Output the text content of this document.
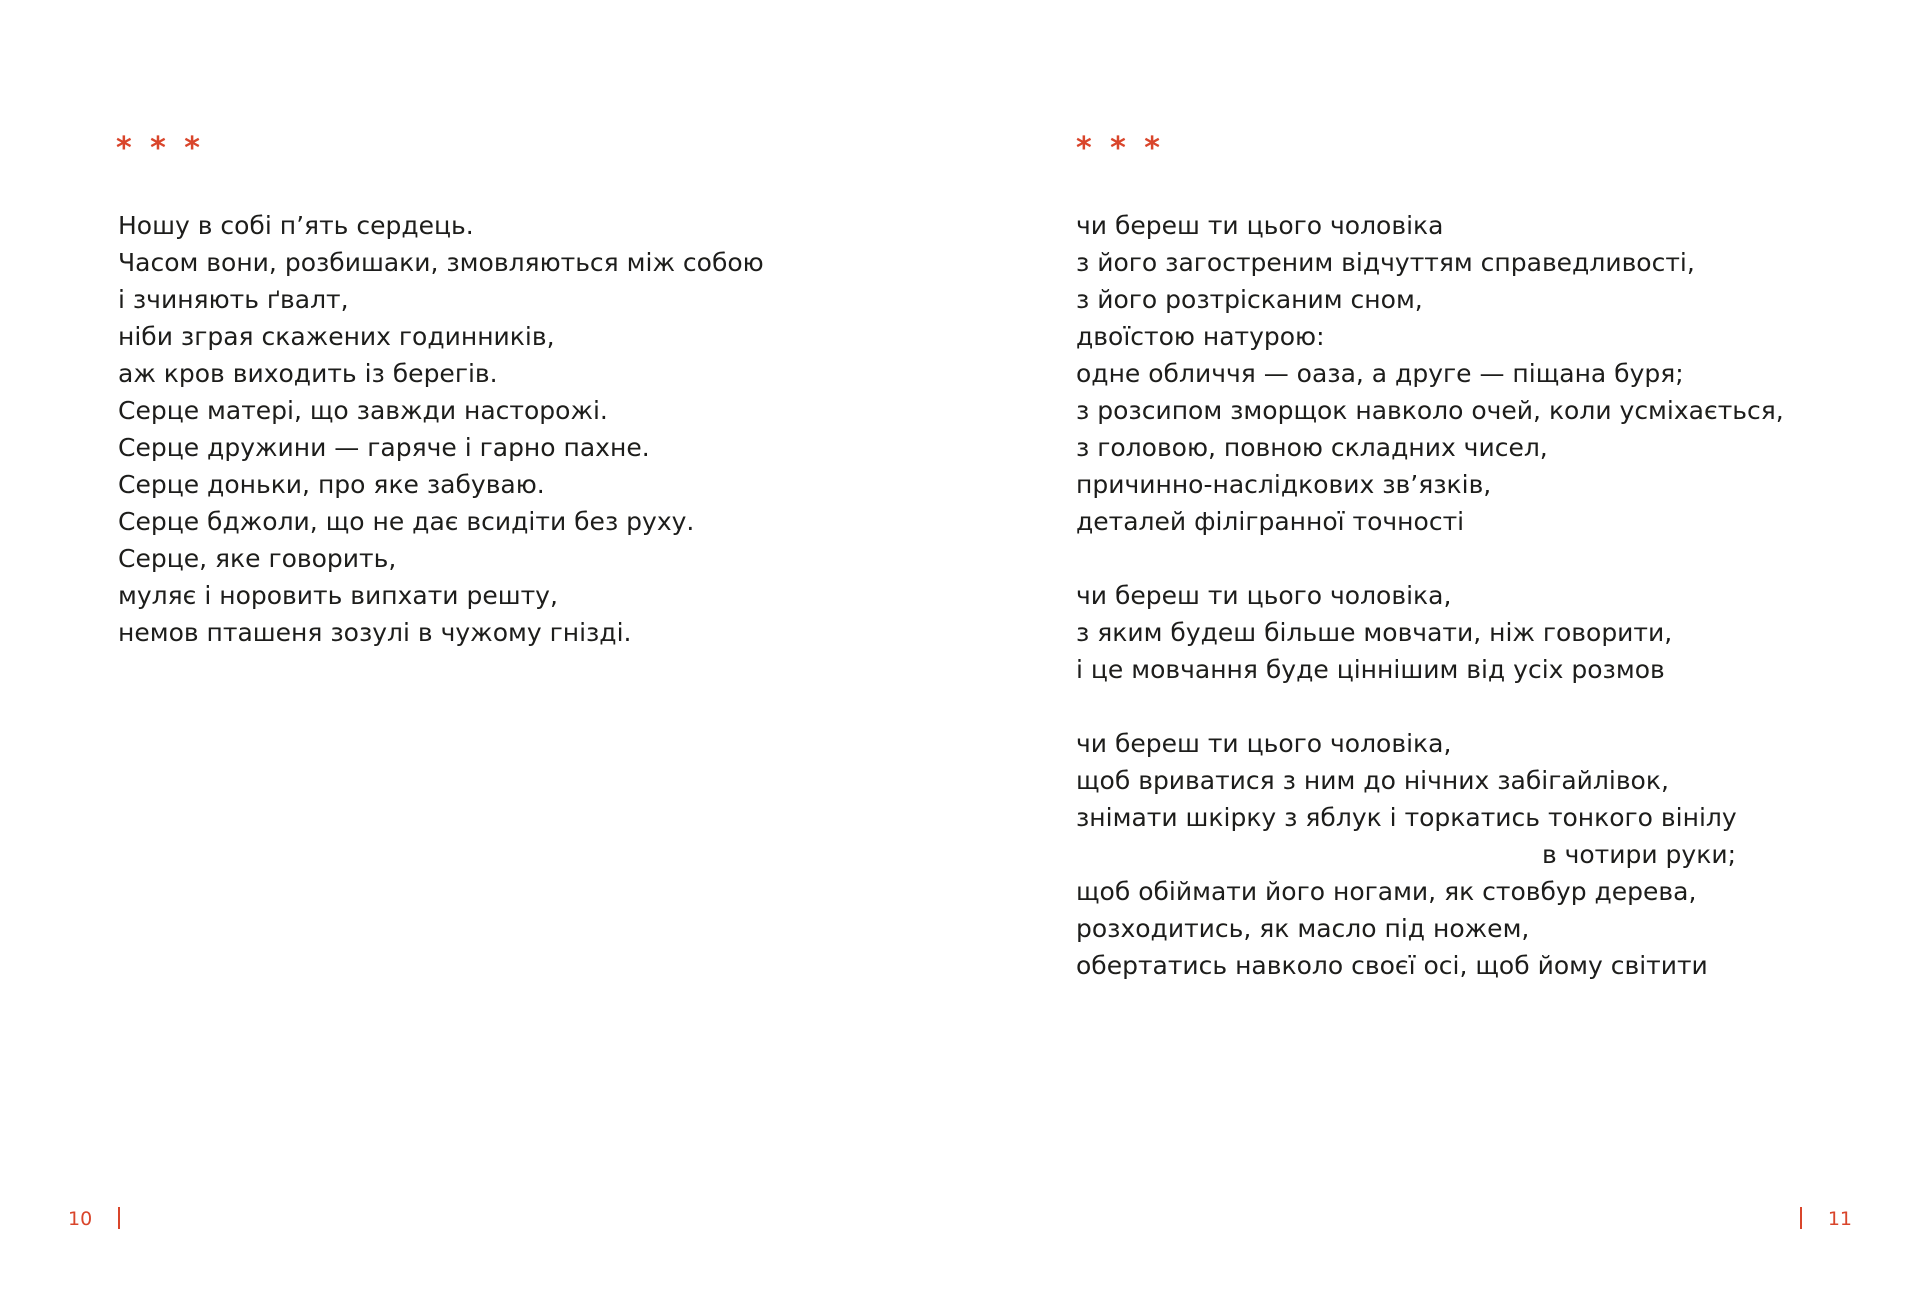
* * *
Ношу в собі п’ять сердець.
Часом вони, розбишаки, змовляються між собою
і зчиняють ґвалт,
ніби зграя скажених годинників,
аж кров виходить із берегів.
Серце матері, що завжди насторожі.
Серце дружини — гаряче і гарно пахне.
Серце доньки, про яке забуваю.
Серце бджоли, що не дає всидіти без руху.
Серце, яке говорить,
муляє і норовить випхати решту,
немов пташеня зозулі в чужому гнізді.
10
* * *
чи береш ти цього чоловіка
з його загостреним відчуттям справедливості,
з його розтрісканим сном,
двоїстою натурою:
одне обличчя — оаза, а друге — піщана буря;
з розсипом зморщок навколо очей, коли усміхається,
з головою, повною складних чисел,
причинно-наслідкових зв’язків,
деталей філігранної точності
чи береш ти цього чоловіка,
з яким будеш більше мовчати, ніж говорити,
і це мовчання буде ціннішим від усіх розмов
чи береш ти цього чоловіка,
щоб вриватися з ним до нічних забігайлівок,
знімати шкірку з яблук і торкатись тонкого вінілу
в чотири руки;
щоб обіймати його ногами, як стовбур дерева,
розходитись, як масло під ножем,
обертатись навколо своєї осі, щоб йому світити
11
